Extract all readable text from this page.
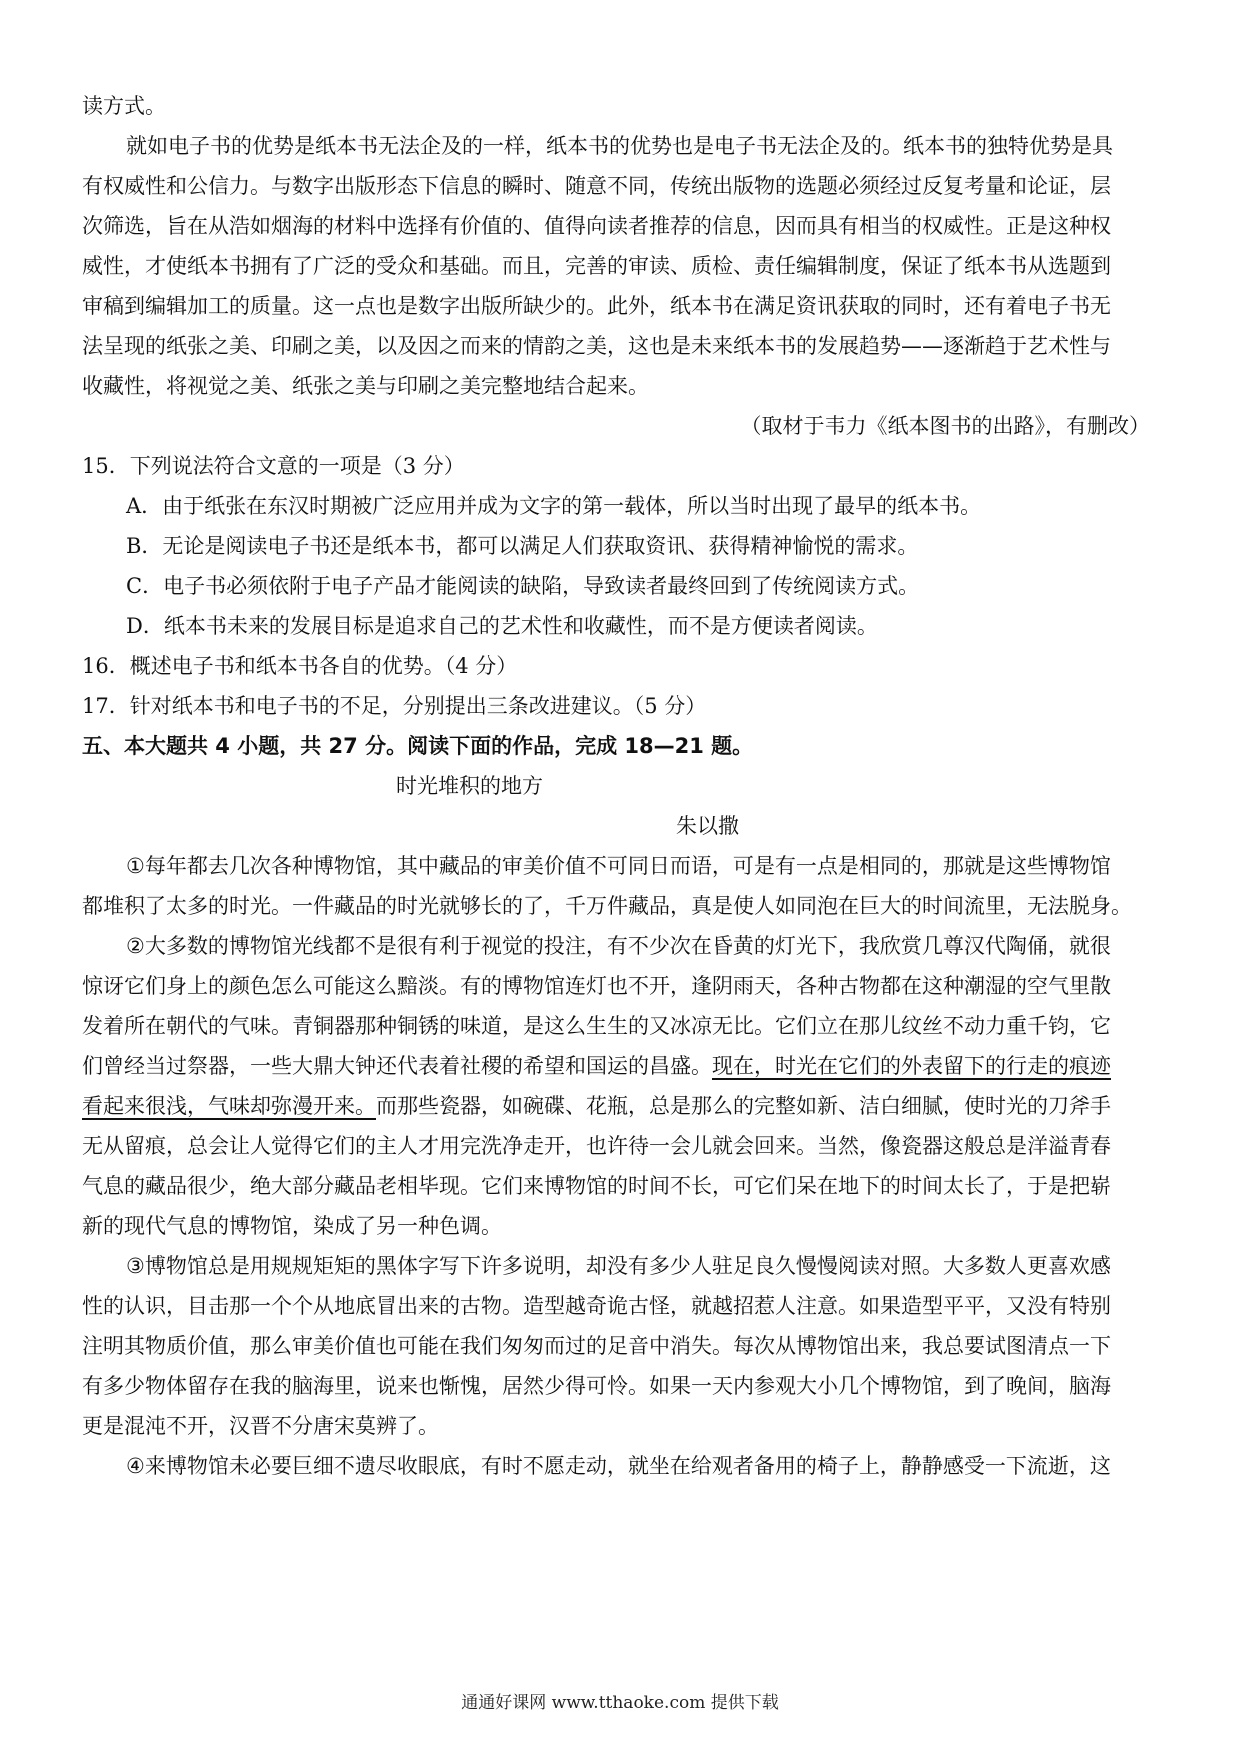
读方式。
就如电子书的优势是纸本书无法企及的一样，纸本书的优势也是电子书无法企及的。纸本书的独特优势是具
有权威性和公信力。与数字出版形态下信息的瞬时、随意不同，传统出版物的选题必须经过反复考量和论证，层
次筛选，旨在从浩如烟海的材料中选择有价值的、值得向读者推荐的信息，因而具有相当的权威性。正是这种权
威性，才使纸本书拥有了广泛的受众和基础。而且，完善的审读、质检、责任编辑制度，保证了纸本书从选题到
审稿到编辑加工的质量。这一点也是数字出版所缺少的。此外，纸本书在满足资讯获取的同时，还有着电子书无
法呈现的纸张之美、印刷之美，以及因之而来的情韵之美，这也是未来纸本书的发展趋势——逐渐趋于艺术性与
收藏性，将视觉之美、纸张之美与印刷之美完整地结合起来。
（取材于韦力《纸本图书的出路》，有删改）
15．下列说法符合文意的一项是（3 分）
A．由于纸张在东汉时期被广泛应用并成为文字的第一载体，所以当时出现了最早的纸本书。
B．无论是阅读电子书还是纸本书，都可以满足人们获取资讯、获得精神愉悦的需求。
C．电子书必须依附于电子产品才能阅读的缺陷，导致读者最终回到了传统阅读方式。
D．纸本书未来的发展目标是追求自己的艺术性和收藏性，而不是方便读者阅读。
16．概述电子书和纸本书各自的优势。（4 分）
17．针对纸本书和电子书的不足，分别提出三条改进建议。（5 分）
五、本大题共 4 小题，共 27 分。阅读下面的作品，完成 18—21 题。
时光堆积的地方
朱以撒
①每年都去几次各种博物馆，其中藏品的审美价值不可同日而语，可是有一点是相同的，那就是这些博物馆
都堆积了太多的时光。一件藏品的时光就够长的了，千万件藏品，真是使人如同泡在巨大的时间流里，无法脱身。
②大多数的博物馆光线都不是很有利于视觉的投注，有不少次在昏黄的灯光下，我欣赏几尊汉代陶俑，就很
惊讶它们身上的颜色怎么可能这么黯淡。有的博物馆连灯也不开，逢阴雨天，各种古物都在这种潮湿的空气里散
发着所在朝代的气味。青铜器那种铜锈的味道，是这么生生的又冰凉无比。它们立在那儿纹丝不动力重千钧，它
们曾经当过祭器，一些大鼎大钟还代表着社稷的希望和国运的昌盛。现在，时光在它们的外表留下的行走的痕迹
看起来很浅，气味却弥漫开来。而那些瓷器，如碗碟、花瓶，总是那么的完整如新、洁白细腻，使时光的刀斧手
无从留痕，总会让人觉得它们的主人才用完洗净走开，也许待一会儿就会回来。当然，像瓷器这般总是洋溢青春
气息的藏品很少，绝大部分藏品老相毕现。它们来博物馆的时间不长，可它们呆在地下的时间太长了，于是把崭
新的现代气息的博物馆，染成了另一种色调。
③博物馆总是用规规矩矩的黑体字写下许多说明，却没有多少人驻足良久慢慢阅读对照。大多数人更喜欢感
性的认识，目击那一个个从地底冒出来的古物。造型越奇诡古怪，就越招惹人注意。如果造型平平，又没有特别
注明其物质价值，那么审美价值也可能在我们匆匆而过的足音中消失。每次从博物馆出来，我总要试图清点一下
有多少物体留存在我的脑海里，说来也惭愧，居然少得可怜。如果一天内参观大小几个博物馆，到了晚间，脑海
更是混沌不开，汉晋不分唐宋莫辨了。
④来博物馆未必要巨细不遗尽收眼底，有时不愿走动，就坐在给观者备用的椅子上，静静感受一下流逝，这
通通好课网 www.tthaoke.com 提供下载
